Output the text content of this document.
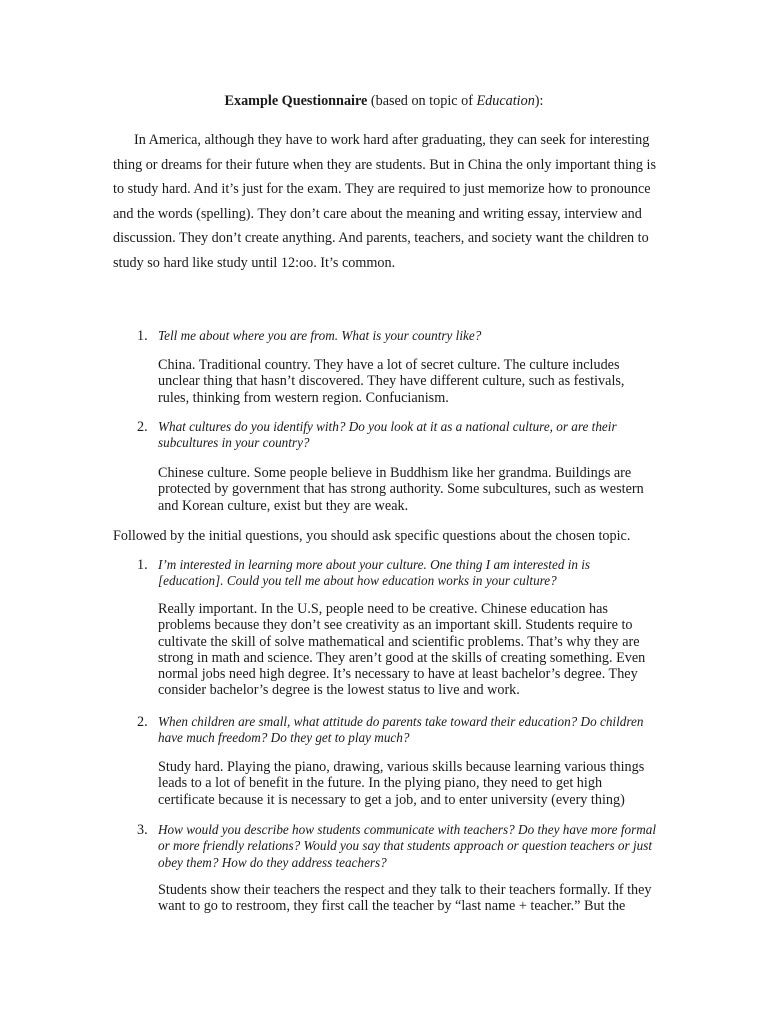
Example Questionnaire (based on topic of Education):

In America, although they have to work hard after graduating, they can seek for interesting thing or dreams for their future when they are students. But in China the only important thing is to study hard. And it’s just for the exam. They are required to just memorize how to pronounce and the words (spelling). They don’t care about the meaning and writing essay, interview and discussion. They don’t create anything. And parents, teachers, and society want the children to study so hard like study until 12:oo. It’s common.

1. Tell me about where you are from. What is your country like?

China. Traditional country. They have a lot of secret culture. The culture includes unclear thing that hasn’t discovered. They have different culture, such as festivals, rules, thinking from western region. Confucianism.

2. What cultures do you identify with? Do you look at it as a national culture, or are their subcultures in your country?

Chinese culture. Some people believe in Buddhism like her grandma. Buildings are protected by government that has strong authority. Some subcultures, such as western and Korean culture, exist but they are weak.

Followed by the initial questions, you should ask specific questions about the chosen topic.
1. I’m interested in learning more about your culture. One thing I am interested in is [education]. Could you tell me about how education works in your culture?

Really important. In the U.S, people need to be creative. Chinese education has problems because they don’t see creativity as an important skill. Students require to cultivate the skill of solve mathematical and scientific problems. That’s why they are strong in math and science. They aren’t good at the skills of creating something. Even normal jobs need high degree. It’s necessary to have at least bachelor’s degree. They consider bachelor’s degree is the lowest status to live and work.

2. When children are small, what attitude do parents take toward their education? Do children have much freedom? Do they get to play much?

Study hard. Playing the piano, drawing, various skills because learning various things leads to a lot of benefit in the future. In the plying piano, they need to get high certificate because it is necessary to get a job, and to enter university (every thing)

3. How would you describe how students communicate with teachers? Do they have more formal or more friendly relations? Would you say that students approach or question teachers or just obey them? How do they address teachers?

Students show their teachers the respect and they talk to their teachers formally. If they want to go to restroom, they first call the teacher by “last name + teacher.” But the
